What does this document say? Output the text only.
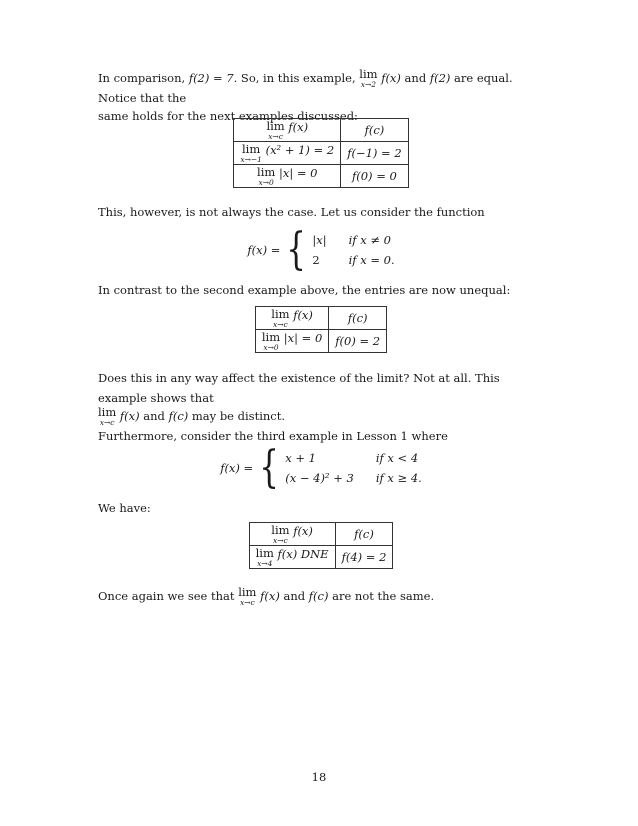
In comparison, f(2) = 7. So, in this example, lim
x→2 f(x) and f(2) are equal. Notice that the

same holds for the next examples discussed:

lim
x→c
f(x)	f(c)

lim
x→−1
(x² + 1) = 2	f(−1) = 2

lim
x→0
|x| = 0	f(0) = 0

This, however, is not always the case. Let us consider the function

f(x) = { |x| if x ≠ 0
2	if x = 0.

In contrast to the second example above, the entries are now unequal:

lim
x→c
f(x)	f(c)

lim
x→0
|x| = 0	f(0) = 2

Does this in any way affect the existence of the limit? Not at all. This example shows that

lim
x→c f(x) and f(c) may be distinct.

Furthermore, consider the third example in Lesson 1 where

f(x) = { x + 1	if x < 4
(x − 4)² + 3 if x ≥ 4.

We have:

lim
x→c
f(x)	f(c)

lim
x→4
f(x) DNE	f(4) = 2

Once again we see that lim
x→c f(x) and f(c) are not the same.

18
